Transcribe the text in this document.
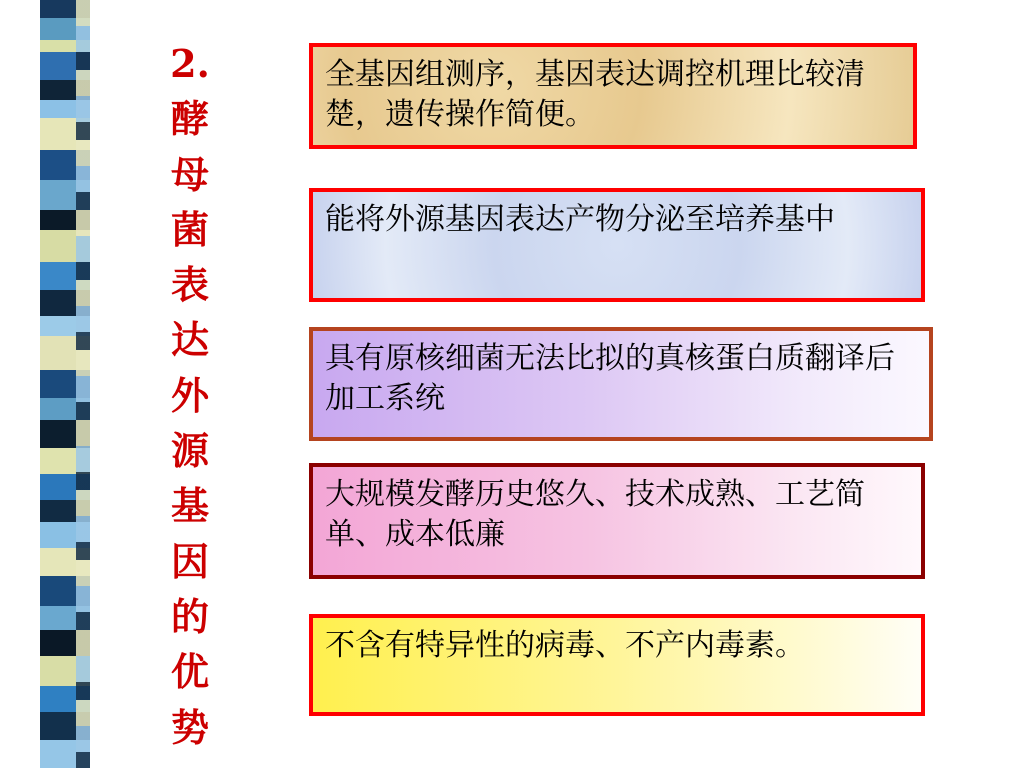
2.酵母菌表达外源基因的优势
全基因组测序，基因表达调控机理比较清楚，遗传操作简便。
能将外源基因表达产物分泌至培养基中
具有原核细菌无法比拟的真核蛋白质翻译后加工系统
大规模发酵历史悠久、技术成熟、工艺简单、成本低廉
不含有特异性的病毒、不产内毒素。
